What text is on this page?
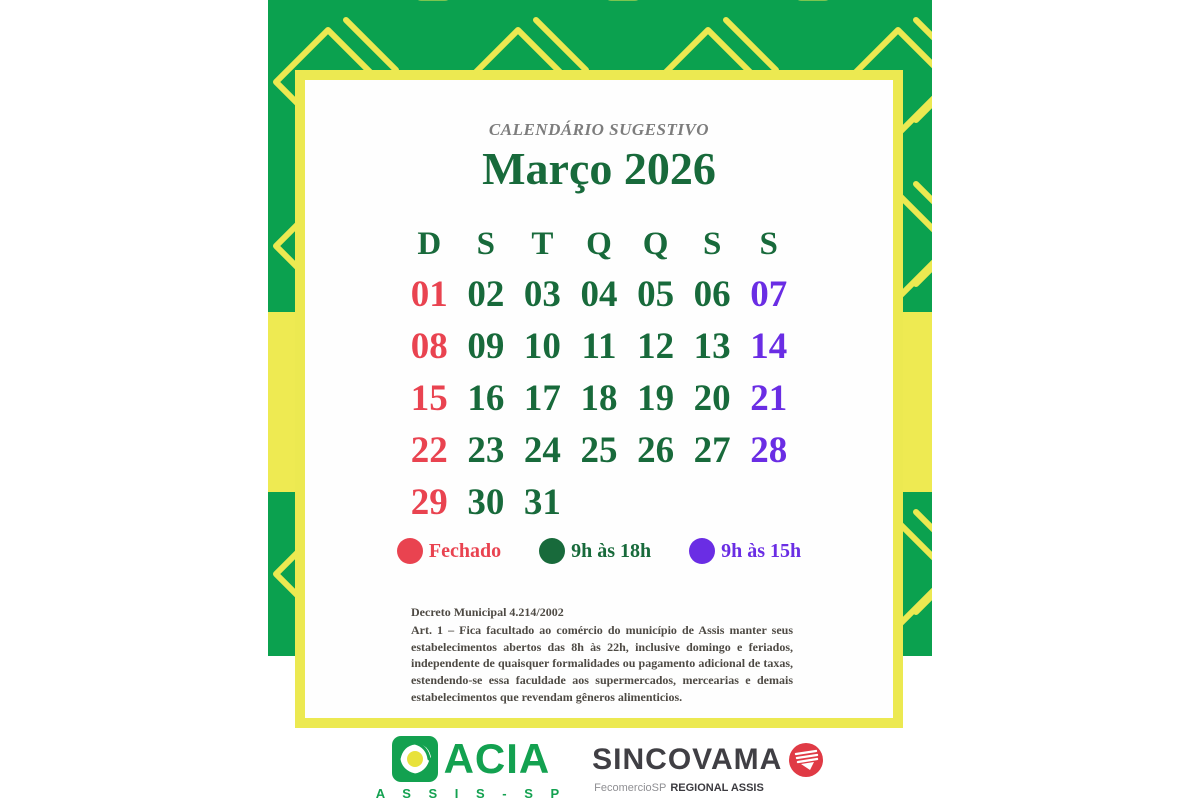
CALENDÁRIO SUGESTIVO
Março 2026
D	S	T Q Q	S	S
01 02 03 04 05 06 07
08 09 10 11 12 13 14
15 16 17 18 19 20 21
22 23 24 25 26 27 28
29 30 31
Fechado	9h às 18h	9h às 15h
Decreto Municipal 4.214/2002
Art. 1 – Fica facultado ao comércio do município de Assis manter seus estabelecimentos abertos das 8h às 22h, inclusive domingo e feriados, independente de quaisquer formalidades ou pagamento adicional de taxas, estendendo-se essa faculdade aos supermercados, mercearias e demais estabelecimentos que revendam gêneros alimenticios.
ACIA
A S S I S - S P
SINCOVAMA
FecomercioSP REGIONAL ASSIS
